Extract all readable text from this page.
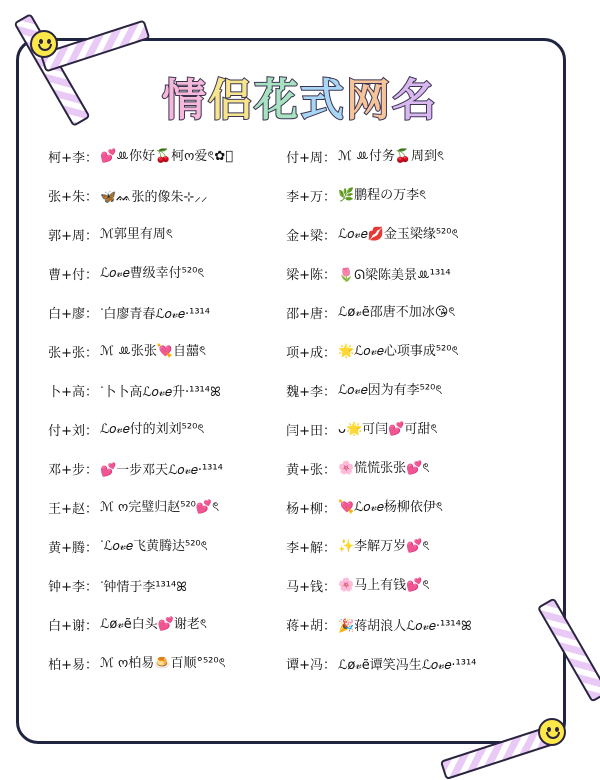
情侣花式网名
柯+李： 💕ꔛ你好🍒柯ო爱ৎ✿⃝
张+朱： 🦋ᨐ张的像朱⊹⸝⸝
郭+周： ℳ郭里有周ৎ
曹+付： ℒ𝑜𝓋𝑒曹级幸付⁵²⁰ৎ
白+廖： ᐝ白廖青春ℒ𝑜𝓋𝑒·¹³¹⁴
张+张： ℳ ꔛ张张💘自囍ৎ
卜+高： ᐝ卜卜高ℒ𝑜𝓋𝑒升·¹³¹⁴ꕤ
付+刘： ℒ𝑜𝓋𝑒付的刘刘⁵²⁰ৎ
邓+步： 💕一步邓天ℒ𝑜𝓋𝑒·¹³¹⁴
王+赵： ℳ ო完璧归赵⁵²⁰💕ৎ
黄+腾： ᐝℒ𝑜𝓋𝑒飞黄腾达⁵²⁰ৎ
钟+李： ᐝ钟情于李¹³¹⁴ꕤ
白+谢： ℒø𝓋ẽ白头💕谢老ৎ
柏+易： ℳ ო柏易🍮百顺°⁵²⁰ৎ
付+周： ℳ ꔛ付务🍒周到ৎ
李+万： 🌿鹏程の万李ৎ
金+梁： ℒ𝑜𝓋𝑒💋金玉梁缘⁵²⁰ৎ
梁+陈： 🌷ᘏ梁陈美景ꔛ¹³¹⁴
邵+唐： ℒø𝓋ẽ邵唐不加冰😘ৎ
项+成： 🌟ℒ𝑜𝓋𝑒心项事成⁵²⁰ৎ
魏+李： ℒ𝑜𝓋𝑒因为有李⁵²⁰ৎ
闫+田： ᴗ🌟可闫💕可甜ৎ
黄+张： 🌸慌慌张张💕ৎ
杨+柳： 💘ℒ𝑜𝓋𝑒杨柳依伊ৎ
李+解： ✨李解万岁💕ৎ
马+钱： 🌸马上有钱💕ৎ
蒋+胡： 🎉蒋胡浪人ℒ𝑜𝓋𝑒·¹³¹⁴ꕤ
谭+冯： ℒø𝓋ẽ谭笑冯生ℒ𝑜𝓋𝑒·¹³¹⁴
